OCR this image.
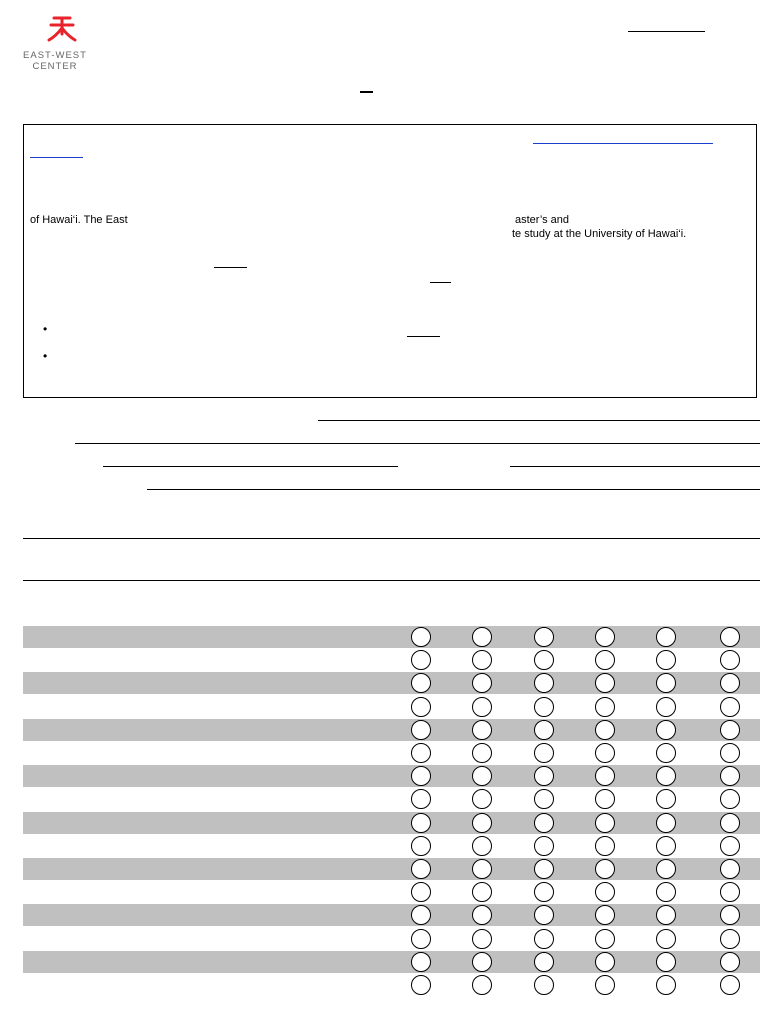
EAST-WEST
CENTER
of Hawai‘i. The East	aster’s and
te study at the University of Hawai‘i.
•
•
